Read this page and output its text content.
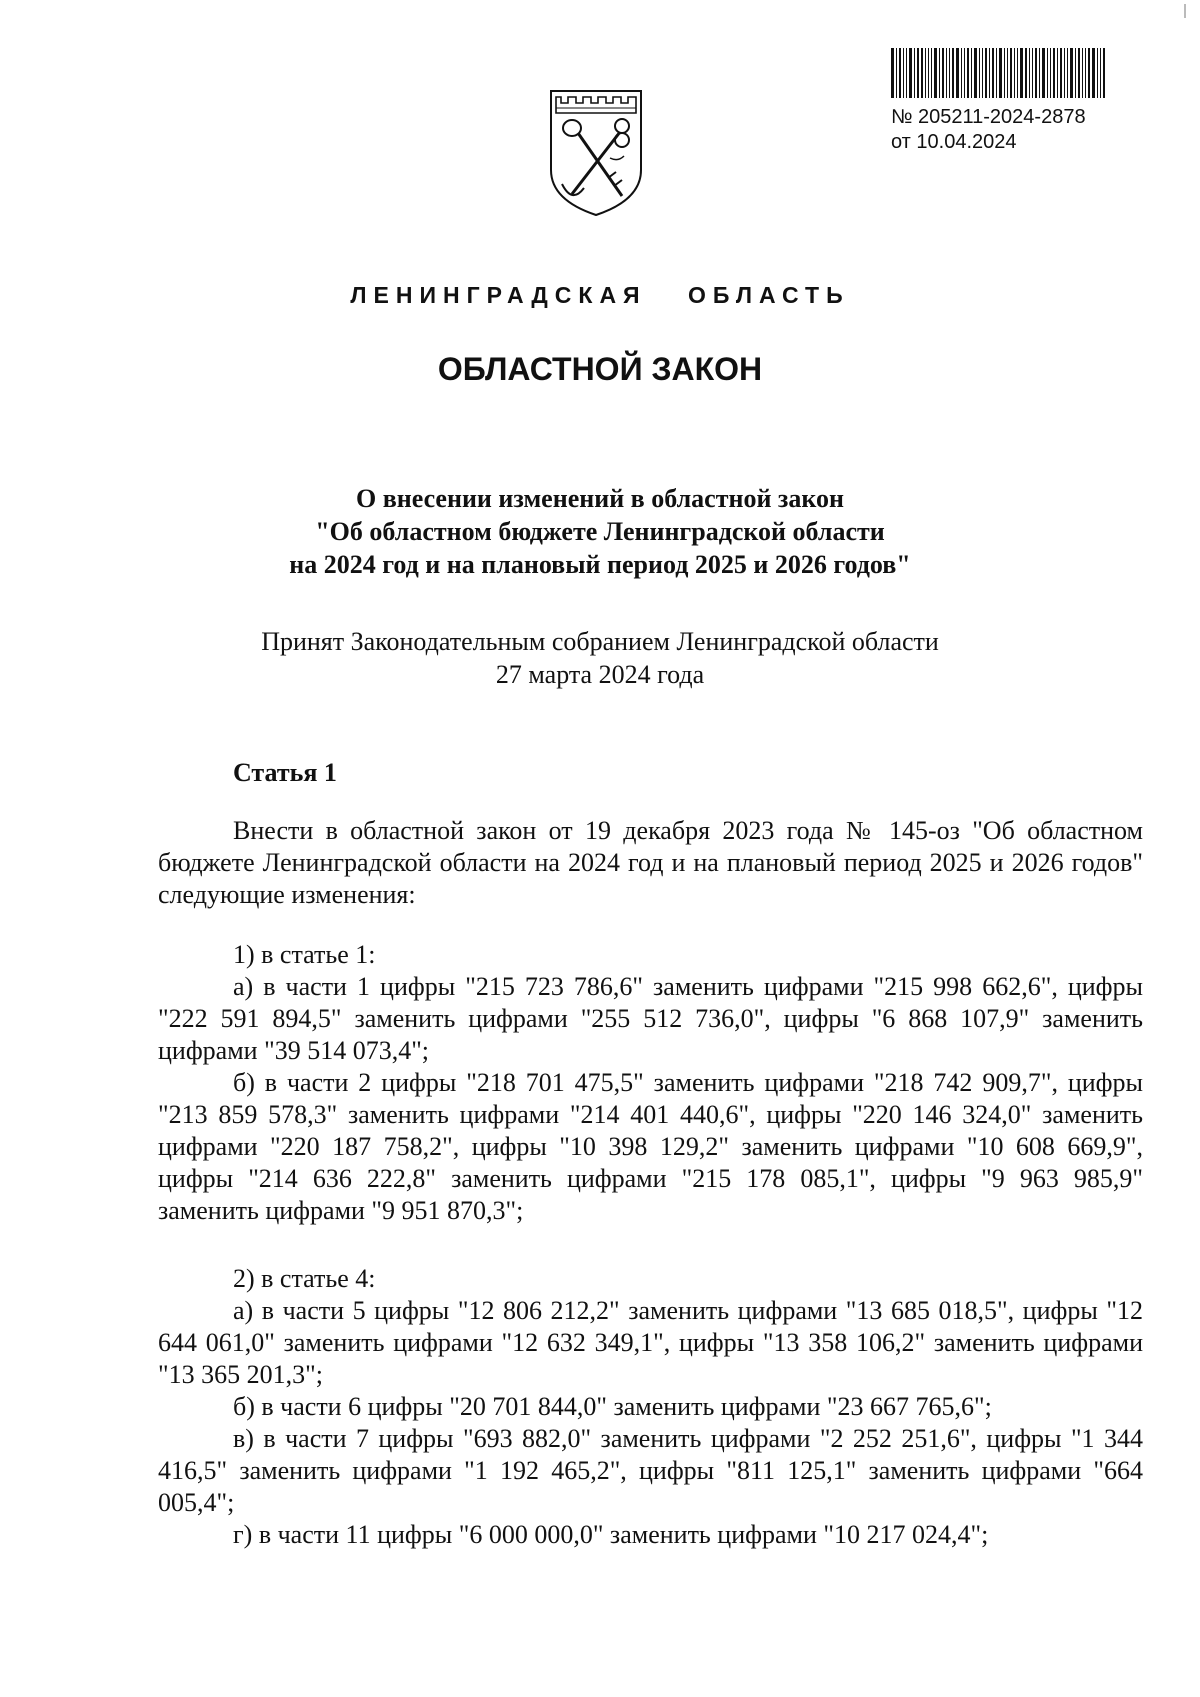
№ 205211-2024-2878
от 10.04.2024
ЛЕНИНГРАДСКАЯ ОБЛАСТЬ
ОБЛАСТНОЙ ЗАКОН
О внесении изменений в областной закон
"Об областном бюджете Ленинградской области
на 2024 год и на плановый период 2025 и 2026 годов"
Принят Законодательным собранием Ленинградской области
27 марта 2024 года
Статья 1

Внести в областной закон от 19 декабря 2023 года № 145-оз "Об областном бюджете Ленинградской области на 2024 год и на плановый период 2025 и 2026 годов" следующие изменения:

1) в статье 1:

а) в части 1 цифры "215 723 786,6" заменить цифрами "215 998 662,6", цифры "222 591 894,5" заменить цифрами "255 512 736,0", цифры "6 868 107,9" заменить цифрами "39 514 073,4";

б) в части 2 цифры "218 701 475,5" заменить цифрами "218 742 909,7", цифры "213 859 578,3" заменить цифрами "214 401 440,6", цифры "220 146 324,0" заменить цифрами "220 187 758,2", цифры "10 398 129,2" заменить цифрами "10 608 669,9", цифры "214 636 222,8" заменить цифрами "215 178 085,1", цифры "9 963 985,9" заменить цифрами "9 951 870,3";

2) в статье 4:

а) в части 5 цифры "12 806 212,2" заменить цифрами "13 685 018,5", цифры "12 644 061,0" заменить цифрами "12 632 349,1", цифры "13 358 106,2" заменить цифрами "13 365 201,3";

б) в части 6 цифры "20 701 844,0" заменить цифрами "23 667 765,6";

в) в части 7 цифры "693 882,0" заменить цифрами "2 252 251,6", цифры "1 344 416,5" заменить цифрами "1 192 465,2", цифры "811 125,1" заменить цифрами "664 005,4";

г) в части 11 цифры "6 000 000,0" заменить цифрами "10 217 024,4";
